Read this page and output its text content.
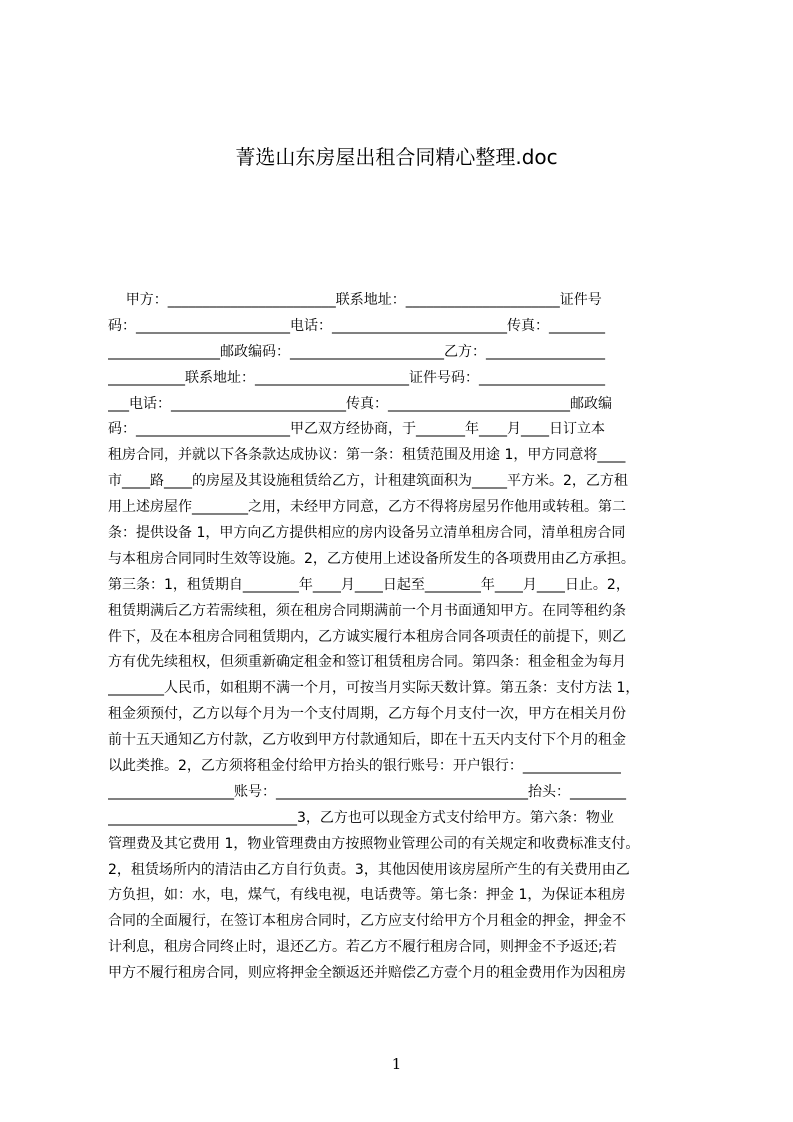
菁选山东房屋出租合同精心整理.doc
甲方：________________________联系地址：______________________证件号
码：______________________电话：_________________________传真：________
________________邮政编码：______________________乙方：_________________
___________联系地址：______________________证件号码：__________________
___电话：_________________________传真：__________________________邮政编
码：______________________甲乙双方经协商，于_______年____月____日订立本
租房合同，并就以下各条款达成协议：第一条：租赁范围及用途 1，甲方同意将____
市____路____的房屋及其设施租赁给乙方，计租建筑面积为_____平方米。2，乙方租
用上述房屋作________之用，未经甲方同意，乙方不得将房屋另作他用或转租。第二
条：提供设备 1，甲方向乙方提供相应的房内设备另立清单租房合同，清单租房合同
与本租房合同同时生效等设施。2，乙方使用上述设备所发生的各项费用由乙方承担。
第三条：1，租赁期自________年____月____日起至________年____月____日止。2，
租赁期满后乙方若需续租，须在租房合同期满前一个月书面通知甲方。在同等租约条
件下，及在本租房合同租赁期内，乙方诚实履行本租房合同各项责任的前提下，则乙
方有优先续租权，但须重新确定租金和签订租赁租房合同。第四条：租金租金为每月
________人民币，如租期不满一个月，可按当月实际天数计算。第五条：支付方法 1，
租金须预付，乙方以每个月为一个支付周期，乙方每个月支付一次，甲方在相关月份
前十五天通知乙方付款，乙方收到甲方付款通知后，即在十五天内支付下个月的租金
以此类推。2，乙方须将租金付给甲方抬头的银行账号：开户银行：______________
__________________账号：____________________________________抬头：________
___________________________3，乙方也可以现金方式支付给甲方。第六条：物业
管理费及其它费用 1，物业管理费由方按照物业管理公司的有关规定和收费标准支付。
2，租赁场所内的清洁由乙方自行负责。3，其他因使用该房屋所产生的有关费用由乙
方负担，如：水，电，煤气，有线电视，电话费等。第七条：押金 1，为保证本租房
合同的全面履行，在签订本租房合同时，乙方应支付给甲方个月租金的押金，押金不
计利息，租房合同终止时，退还乙方。若乙方不履行租房合同，则押金不予返还;若
甲方不履行租房合同，则应将押金全额返还并赔偿乙方壹个月的租金费用作为因租房
1
